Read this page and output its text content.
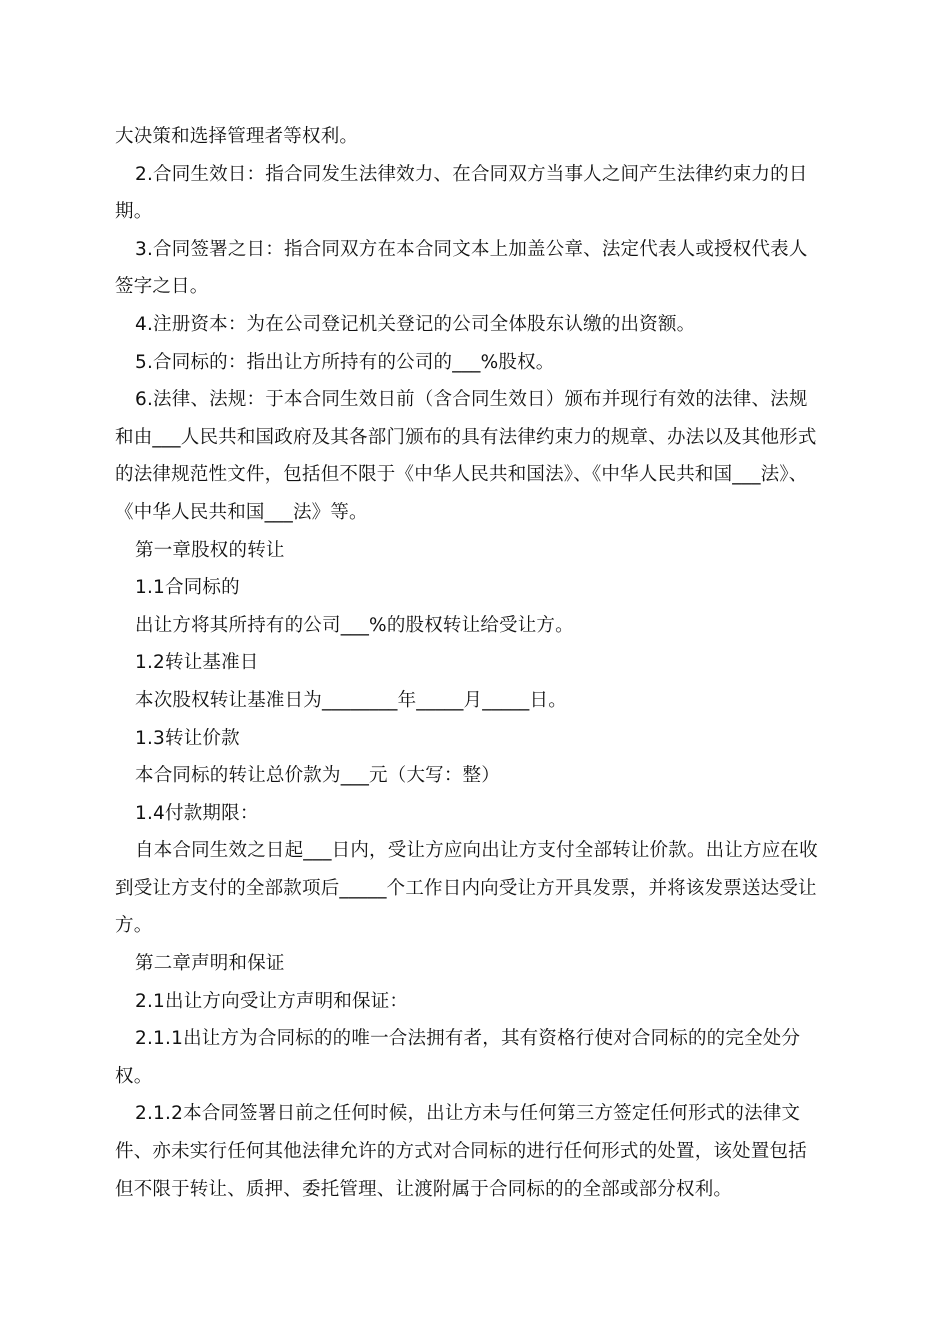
大决策和选择管理者等权利。
2.合同生效日：指合同发生法律效力、在合同双方当事人之间产生法律约束力的日
期。
3.合同签署之日：指合同双方在本合同文本上加盖公章、法定代表人或授权代表人
签字之日。
4.注册资本：为在公司登记机关登记的公司全体股东认缴的出资额。
5.合同标的：指出让方所持有的公司的___%股权。
6.法律、法规：于本合同生效日前（含合同生效日）颁布并现行有效的法律、法规
和由___人民共和国政府及其各部门颁布的具有法律约束力的规章、办法以及其他形式
的法律规范性文件，包括但不限于《中华人民共和国法》、《中华人民共和国___法》、
《中华人民共和国___法》等。
第一章股权的转让
1.1合同标的
出让方将其所持有的公司___%的股权转让给受让方。
1.2转让基准日
本次股权转让基准日为________年_____月_____日。
1.3转让价款
本合同标的转让总价款为___元（大写：整）
1.4付款期限：
自本合同生效之日起___日内，受让方应向出让方支付全部转让价款。出让方应在收
到受让方支付的全部款项后_____个工作日内向受让方开具发票，并将该发票送达受让
方。
第二章声明和保证
2.1出让方向受让方声明和保证：
2.1.1出让方为合同标的的唯一合法拥有者，其有资格行使对合同标的的完全处分
权。
2.1.2本合同签署日前之任何时候，出让方未与任何第三方签定任何形式的法律文
件、亦未实行任何其他法律允许的方式对合同标的进行任何形式的处置，该处置包括
但不限于转让、质押、委托管理、让渡附属于合同标的的全部或部分权利。
